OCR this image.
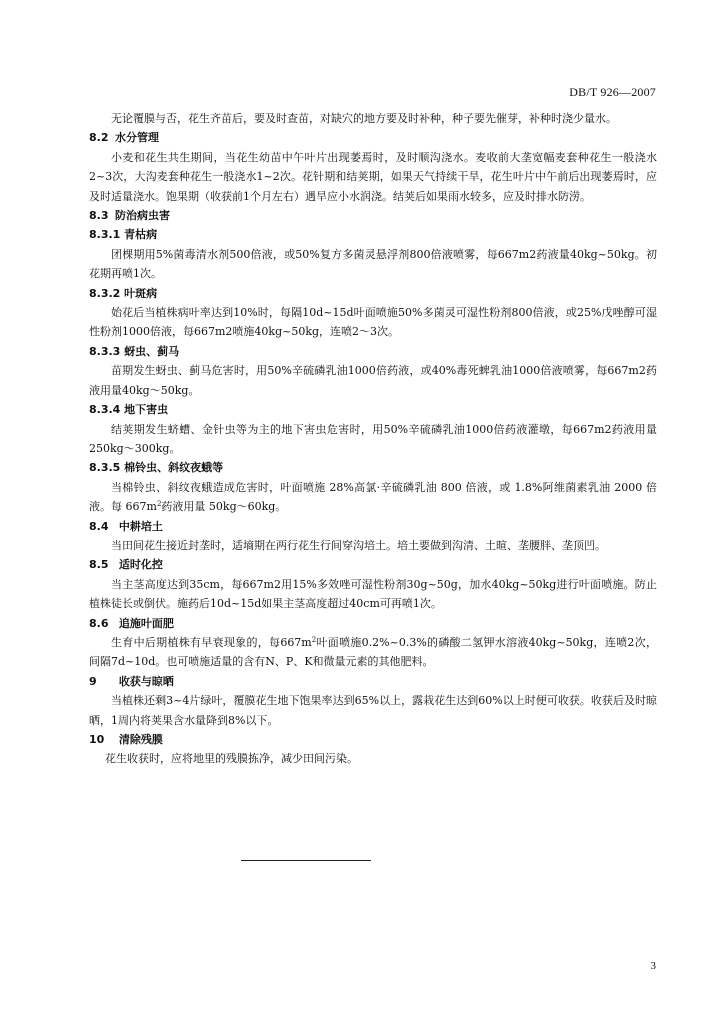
DB/T 926—2007

无论覆膜与否，花生齐苗后，要及时查苗，对缺穴的地方要及时补种，种子要先催芽，补种时浇少量水。

8.2 水分管理

小麦和花生共生期间，当花生幼苗中午叶片出现萎焉时，及时顺沟浇水。麦收前大垄宽幅麦套种花生一般浇水2~3次，大沟麦套种花生一般浇水1~2次。花针期和结荚期，如果天气持续干旱，花生叶片中午前后出现萎焉时，应及时适量浇水。饱果期（收获前1个月左右）遇旱应小水润浇。结荚后如果雨水较多，应及时排水防涝。

8.3 防治病虫害
8.3.1 青枯病

团棵期用5%菌毒清水剂500倍液，或50%复方多菌灵悬浮剂800倍液喷雾，每667m2药液量40kg~50kg。初花期再喷1次。

8.3.2 叶斑病

始花后当植株病叶率达到10%时，每隔10d~15d叶面喷施50%多菌灵可湿性粉剂800倍液，或25%戊唑醇可湿性粉剂1000倍液，每667m2喷施40kg~50kg，连喷2～3次。

8.3.3 蚜虫、蓟马

苗期发生蚜虫、蓟马危害时，用50%辛硫磷乳油1000倍药液，或40%毒死蜱乳油1000倍液喷雾，每667m2药液用量40kg～50kg。

8.3.4 地下害虫

结荚期发生蛴螬、金针虫等为主的地下害虫危害时，用50%辛硫磷乳油1000倍药液灌墩，每667m2药液用量250kg～300kg。

8.3.5 棉铃虫、斜纹夜蛾等

当棉铃虫、斜纹夜蛾造成危害时，叶面喷施 28%高氯·辛硫磷乳油 800 倍液，或 1.8%阿维菌素乳油 2000 倍液。每 $667m^2$药液用量 50kg～60kg。

8.4 中耕培土

当田间花生接近封垄时，适墒期在两行花生行间穿沟培土。培土要做到沟清、土暄、垄腰胖、垄顶凹。

8.5 适时化控

当主茎高度达到35cm，每667m2用15%多效唑可湿性粉剂30g~50g，加水40kg~50kg进行叶面喷施。防止植株徒长或倒伏。施药后10d~15d如果主茎高度超过40cm可再喷1次。

8.6 追施叶面肥

生育中后期植株有早衰现象的，每$667m^2$叶面喷施0.2%~0.3%的磷酸二氢钾水溶液40kg~50kg，连喷2次，间隔7d~10d。也可喷施适量的含有N、P、K和微量元素的其他肥料。

9 收获与晾晒

当植株还剩3~4片绿叶，覆膜花生地下饱果率达到65%以上，露栽花生达到60%以上时便可收获。收获后及时晾晒，1周内将荚果含水量降到8%以下。

10 清除残膜

花生收获时，应将地里的残膜拣净，减少田间污染。

3
